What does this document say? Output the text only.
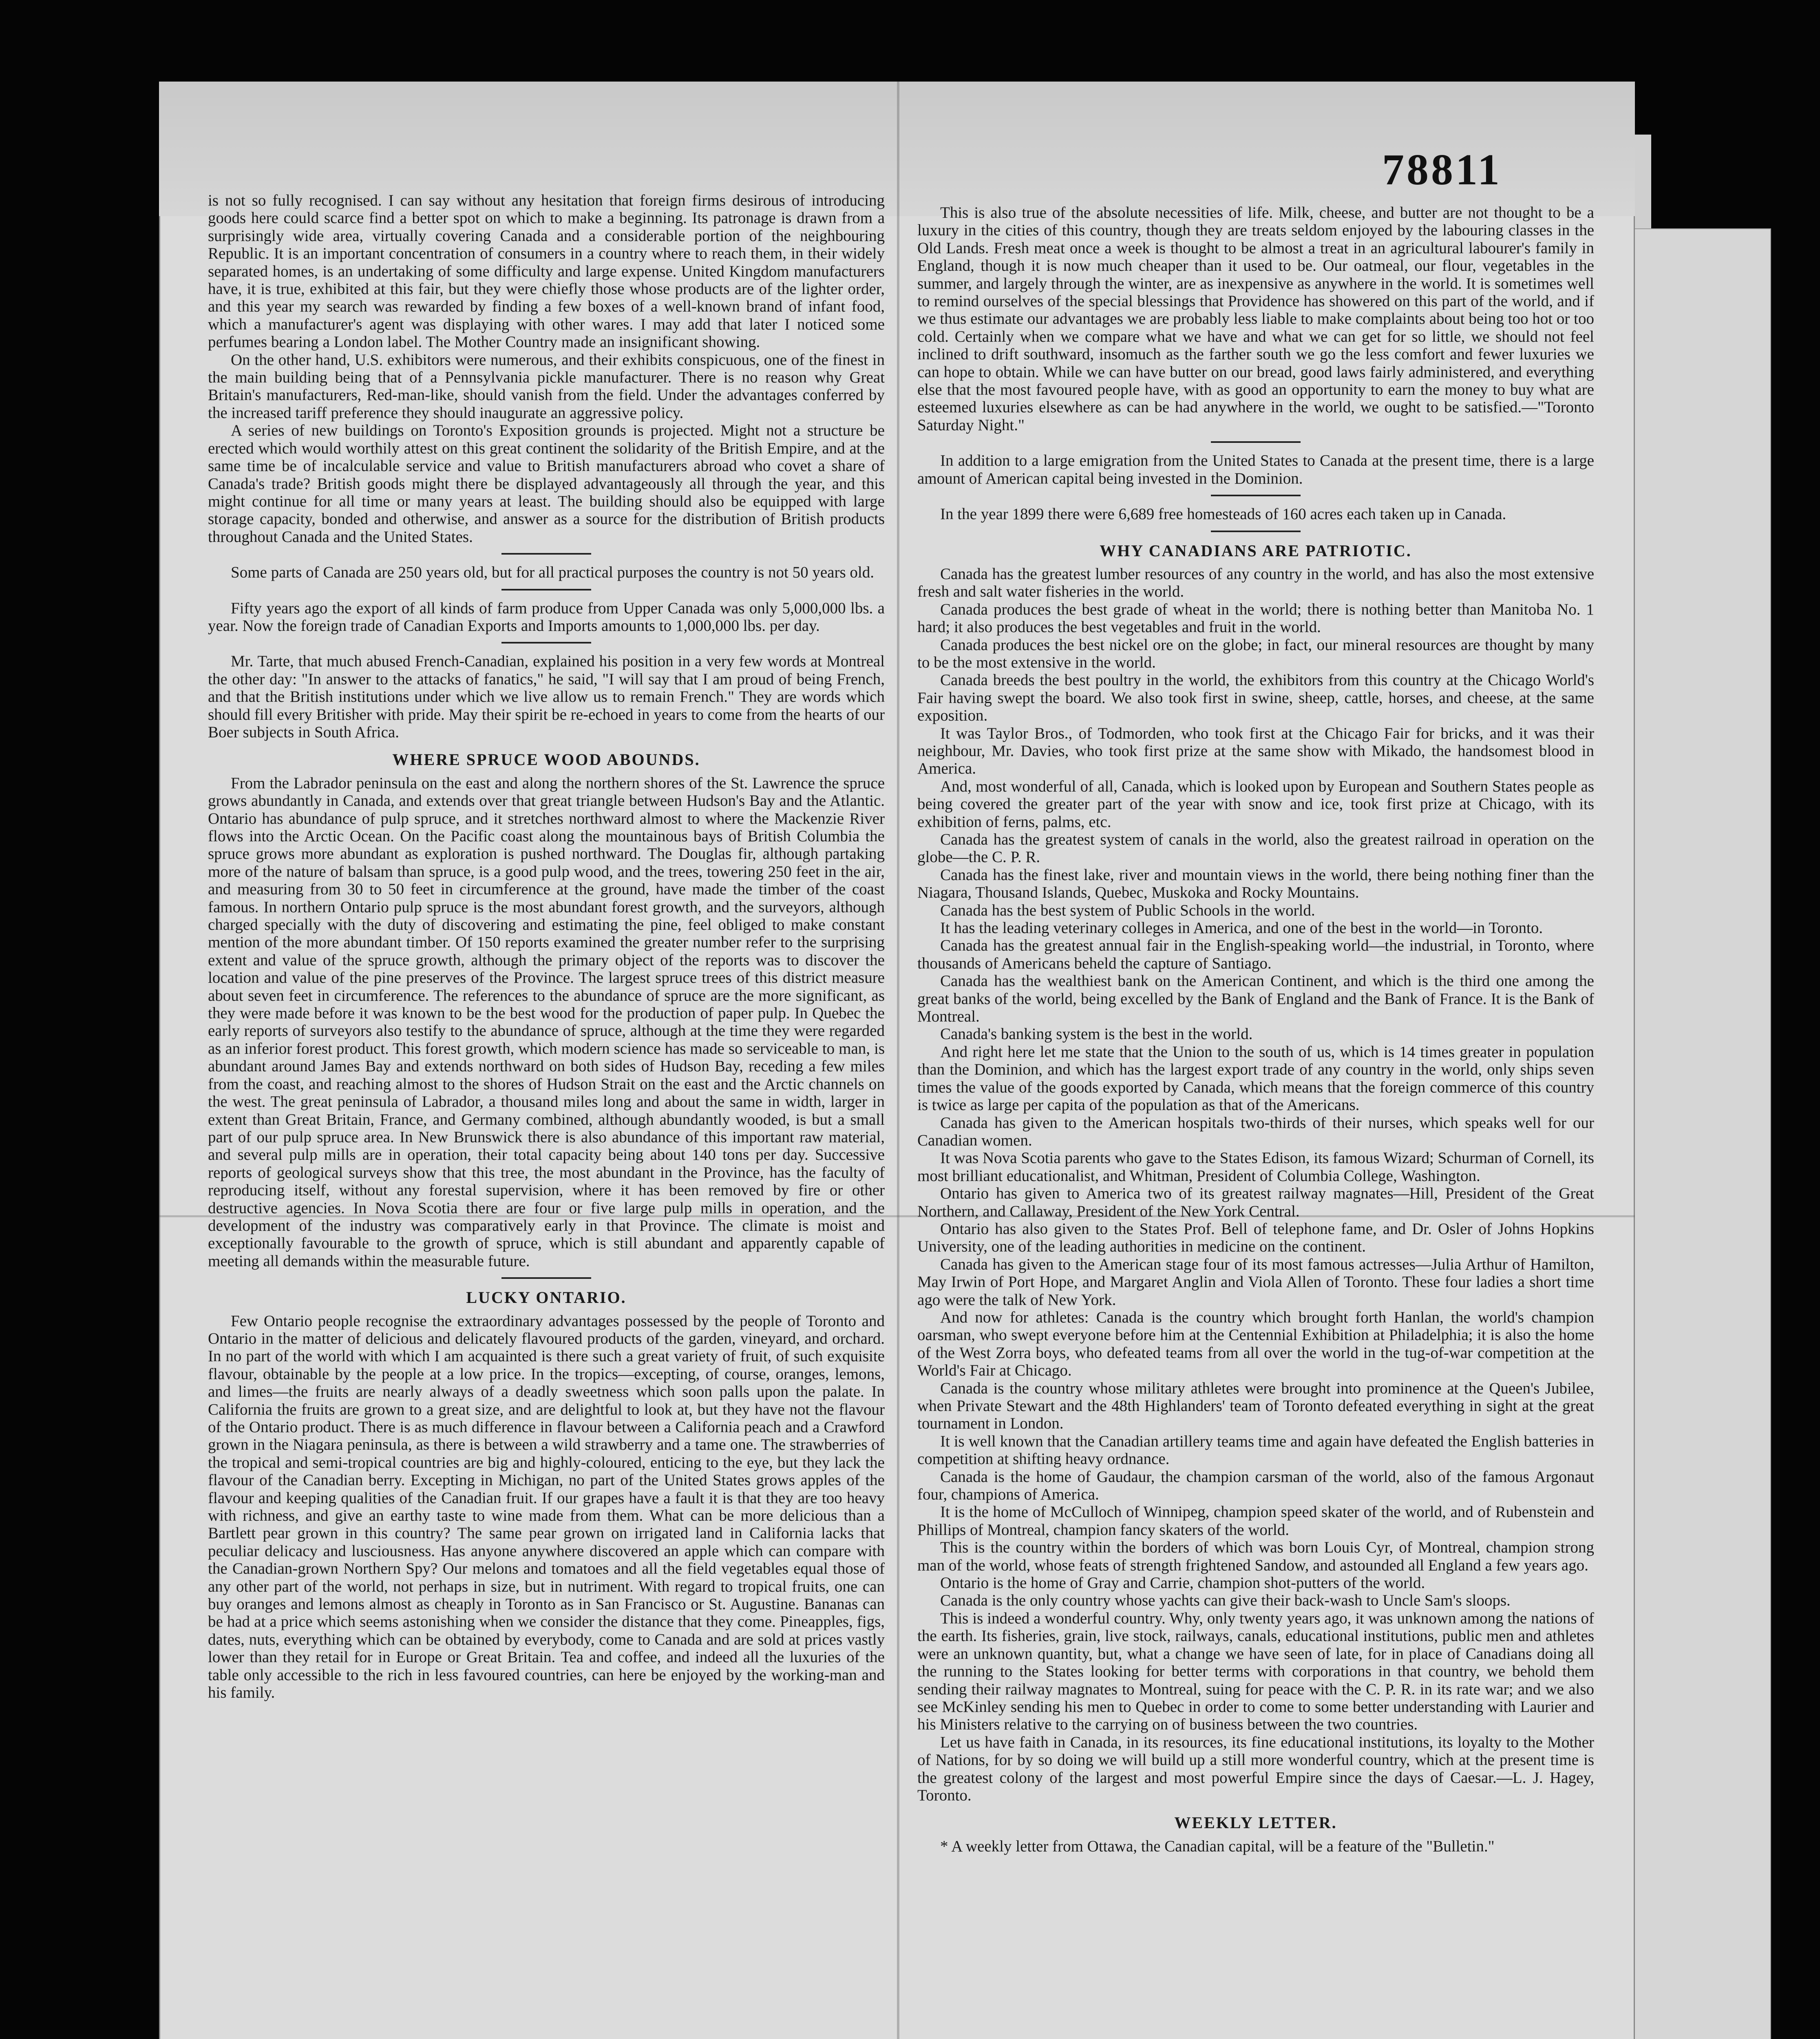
78811

is not so fully recognised. I can say without any hesitation that foreign firms desirous of introducing goods here could scarce find a better spot on which to make a beginning. Its patronage is drawn from a surprisingly wide area, virtually covering Canada and a considerable portion of the neighbouring Republic. It is an important concentration of consumers in a country where to reach them, in their widely separated homes, is an undertaking of some difficulty and large expense. United Kingdom manufacturers have, it is true, exhibited at this fair, but they were chiefly those whose products are of the lighter order, and this year my search was rewarded by finding a few boxes of a well-known brand of infant food, which a manufacturer's agent was displaying with other wares. I may add that later I noticed some perfumes bearing a London label. The Mother Country made an insignificant showing.

On the other hand, U.S. exhibitors were numerous, and their exhibits conspicuous, one of the finest in the main building being that of a Pennsylvania pickle manufacturer. There is no reason why Great Britain's manufacturers, Red-man-like, should vanish from the field. Under the advantages conferred by the increased tariff preference they should inaugurate an aggressive policy.

A series of new buildings on Toronto's Exposition grounds is projected. Might not a structure be erected which would worthily attest on this great continent the solidarity of the British Empire, and at the same time be of incalculable service and value to British manufacturers abroad who covet a share of Canada's trade? British goods might there be displayed advantageously all through the year, and this might continue for all time or many years at least. The building should also be equipped with large storage capacity, bonded and otherwise, and answer as a source for the distribution of British products throughout Canada and the United States.

Some parts of Canada are 250 years old, but for all practical purposes the country is not 50 years old.

Fifty years ago the export of all kinds of farm produce from Upper Canada was only 5,000,000 lbs. a year. Now the foreign trade of Canadian Exports and Imports amounts to 1,000,000 lbs. per day.

Mr. Tarte, that much abused French-Canadian, explained his position in a very few words at Montreal the other day: "In answer to the attacks of fanatics," he said, "I will say that I am proud of being French, and that the British institutions under which we live allow us to remain French." They are words which should fill every Britisher with pride. May their spirit be re-echoed in years to come from the hearts of our Boer subjects in South Africa.

WHERE SPRUCE WOOD ABOUNDS.

From the Labrador peninsula on the east and along the northern shores of the St. Lawrence the spruce grows abundantly in Canada, and extends over that great triangle between Hudson's Bay and the Atlantic. Ontario has abundance of pulp spruce, and it stretches northward almost to where the Mackenzie River flows into the Arctic Ocean. On the Pacific coast along the mountainous bays of British Columbia the spruce grows more abundant as exploration is pushed northward. The Douglas fir, although partaking more of the nature of balsam than spruce, is a good pulp wood, and the trees, towering 250 feet in the air, and measuring from 30 to 50 feet in circumference at the ground, have made the timber of the coast famous. In northern Ontario pulp spruce is the most abundant forest growth, and the surveyors, although charged specially with the duty of discovering and estimating the pine, feel obliged to make constant mention of the more abundant timber. Of 150 reports examined the greater number refer to the surprising extent and value of the spruce growth, although the primary object of the reports was to discover the location and value of the pine preserves of the Province. The largest spruce trees of this district measure about seven feet in circumference. The references to the abundance of spruce are the more significant, as they were made before it was known to be the best wood for the production of paper pulp. In Quebec the early reports of surveyors also testify to the abundance of spruce, although at the time they were regarded as an inferior forest product. This forest growth, which modern science has made so serviceable to man, is abundant around James Bay and extends northward on both sides of Hudson Bay, receding a few miles from the coast, and reaching almost to the shores of Hudson Strait on the east and the Arctic channels on the west. The great peninsula of Labrador, a thousand miles long and about the same in width, larger in extent than Great Britain, France, and Germany combined, although abundantly wooded, is but a small part of our pulp spruce area. In New Brunswick there is also abundance of this important raw material, and several pulp mills are in operation, their total capacity being about 140 tons per day. Successive reports of geological surveys show that this tree, the most abundant in the Province, has the faculty of reproducing itself, without any forestal supervision, where it has been removed by fire or other destructive agencies. In Nova Scotia there are four or five large pulp mills in operation, and the development of the industry was comparatively early in that Province. The climate is moist and exceptionally favourable to the growth of spruce, which is still abundant and apparently capable of meeting all demands within the measurable future.

LUCKY ONTARIO.

Few Ontario people recognise the extraordinary advantages possessed by the people of Toronto and Ontario in the matter of delicious and delicately flavoured products of the garden, vineyard, and orchard. In no part of the world with which I am acquainted is there such a great variety of fruit, of such exquisite flavour, obtainable by the people at a low price. In the tropics—excepting, of course, oranges, lemons, and limes—the fruits are nearly always of a deadly sweetness which soon palls upon the palate. In California the fruits are grown to a great size, and are delightful to look at, but they have not the flavour of the Ontario product. There is as much difference in flavour between a California peach and a Crawford grown in the Niagara peninsula, as there is between a wild strawberry and a tame one. The strawberries of the tropical and semi-tropical countries are big and highly-coloured, enticing to the eye, but they lack the flavour of the Canadian berry. Excepting in Michigan, no part of the United States grows apples of the flavour and keeping qualities of the Canadian fruit. If our grapes have a fault it is that they are too heavy with richness, and give an earthy taste to wine made from them. What can be more delicious than a Bartlett pear grown in this country? The same pear grown on irrigated land in California lacks that peculiar delicacy and lusciousness. Has anyone anywhere discovered an apple which can compare with the Canadian-grown Northern Spy? Our melons and tomatoes and all the field vegetables equal those of any other part of the world, not perhaps in size, but in nutriment. With regard to tropical fruits, one can buy oranges and lemons almost as cheaply in Toronto as in San Francisco or St. Augustine. Bananas can be had at a price which seems astonishing when we consider the distance that they come. Pineapples, figs, dates, nuts, everything which can be obtained by everybody, come to Canada and are sold at prices vastly lower than they retail for in Europe or Great Britain. Tea and coffee, and indeed all the luxuries of the table only accessible to the rich in less favoured countries, can here be enjoyed by the working-man and his family.

This is also true of the absolute necessities of life. Milk, cheese, and butter are not thought to be a luxury in the cities of this country, though they are treats seldom enjoyed by the labouring classes in the Old Lands. Fresh meat once a week is thought to be almost a treat in an agricultural labourer's family in England, though it is now much cheaper than it used to be. Our oatmeal, our flour, vegetables in the summer, and largely through the winter, are as inexpensive as anywhere in the world. It is sometimes well to remind ourselves of the special blessings that Providence has showered on this part of the world, and if we thus estimate our advantages we are probably less liable to make complaints about being too hot or too cold. Certainly when we compare what we have and what we can get for so little, we should not feel inclined to drift southward, insomuch as the farther south we go the less comfort and fewer luxuries we can hope to obtain. While we can have butter on our bread, good laws fairly administered, and everything else that the most favoured people have, with as good an opportunity to earn the money to buy what are esteemed luxuries elsewhere as can be had anywhere in the world, we ought to be satisfied.—"Toronto Saturday Night."

In addition to a large emigration from the United States to Canada at the present time, there is a large amount of American capital being invested in the Dominion.

In the year 1899 there were 6,689 free homesteads of 160 acres each taken up in Canada.

WHY CANADIANS ARE PATRIOTIC.

Canada has the greatest lumber resources of any country in the world, and has also the most extensive fresh and salt water fisheries in the world.

Canada produces the best grade of wheat in the world; there is nothing better than Manitoba No. 1 hard; it also produces the best vegetables and fruit in the world.

Canada produces the best nickel ore on the globe; in fact, our mineral resources are thought by many to be the most extensive in the world.

Canada breeds the best poultry in the world, the exhibitors from this country at the Chicago World's Fair having swept the board. We also took first in swine, sheep, cattle, horses, and cheese, at the same exposition.

It was Taylor Bros., of Todmorden, who took first at the Chicago Fair for bricks, and it was their neighbour, Mr. Davies, who took first prize at the same show with Mikado, the handsomest blood in America.

And, most wonderful of all, Canada, which is looked upon by European and Southern States people as being covered the greater part of the year with snow and ice, took first prize at Chicago, with its exhibition of ferns, palms, etc.

Canada has the greatest system of canals in the world, also the greatest railroad in operation on the globe—the C. P. R.

Canada has the finest lake, river and mountain views in the world, there being nothing finer than the Niagara, Thousand Islands, Quebec, Muskoka and Rocky Mountains.

Canada has the best system of Public Schools in the world.

It has the leading veterinary colleges in America, and one of the best in the world—in Toronto.

Canada has the greatest annual fair in the English-speaking world—the industrial, in Toronto, where thousands of Americans beheld the capture of Santiago.

Canada has the wealthiest bank on the American Continent, and which is the third one among the great banks of the world, being excelled by the Bank of England and the Bank of France. It is the Bank of Montreal.

Canada's banking system is the best in the world.

And right here let me state that the Union to the south of us, which is 14 times greater in population than the Dominion, and which has the largest export trade of any country in the world, only ships seven times the value of the goods exported by Canada, which means that the foreign commerce of this country is twice as large per capita of the population as that of the Americans.

Canada has given to the American hospitals two-thirds of their nurses, which speaks well for our Canadian women.

It was Nova Scotia parents who gave to the States Edison, its famous Wizard; Schurman of Cornell, its most brilliant educationalist, and Whitman, President of Columbia College, Washington.

Ontario has given to America two of its greatest railway magnates—Hill, President of the Great Northern, and Callaway, President of the New York Central.

Ontario has also given to the States Prof. Bell of telephone fame, and Dr. Osler of Johns Hopkins University, one of the leading authorities in medicine on the continent.

Canada has given to the American stage four of its most famous actresses—Julia Arthur of Hamilton, May Irwin of Port Hope, and Margaret Anglin and Viola Allen of Toronto. These four ladies a short time ago were the talk of New York.

And now for athletes: Canada is the country which brought forth Hanlan, the world's champion oarsman, who swept everyone before him at the Centennial Exhibition at Philadelphia; it is also the home of the West Zorra boys, who defeated teams from all over the world in the tug-of-war competition at the World's Fair at Chicago.

Canada is the country whose military athletes were brought into prominence at the Queen's Jubilee, when Private Stewart and the 48th Highlanders' team of Toronto defeated everything in sight at the great tournament in London.

It is well known that the Canadian artillery teams time and again have defeated the English batteries in competition at shifting heavy ordnance.

Canada is the home of Gaudaur, the champion carsman of the world, also of the famous Argonaut four, champions of America.

It is the home of McCulloch of Winnipeg, champion speed skater of the world, and of Rubenstein and Phillips of Montreal, champion fancy skaters of the world.

This is the country within the borders of which was born Louis Cyr, of Montreal, champion strong man of the world, whose feats of strength frightened Sandow, and astounded all England a few years ago.

Ontario is the home of Gray and Carrie, champion shot-putters of the world.

Canada is the only country whose yachts can give their back-wash to Uncle Sam's sloops.

This is indeed a wonderful country. Why, only twenty years ago, it was unknown among the nations of the earth. Its fisheries, grain, live stock, railways, canals, educational institutions, public men and athletes were an unknown quantity, but, what a change we have seen of late, for in place of Canadians doing all the running to the States looking for better terms with corporations in that country, we behold them sending their railway magnates to Montreal, suing for peace with the C. P. R. in its rate war; and we also see McKinley sending his men to Quebec in order to come to some better understanding with Laurier and his Ministers relative to the carrying on of business between the two countries.

Let us have faith in Canada, in its resources, its fine educational institutions, its loyalty to the Mother of Nations, for by so doing we will build up a still more wonderful country, which at the present time is the greatest colony of the largest and most powerful Empire since the days of Caesar.—L. J. Hagey, Toronto.

WEEKLY LETTER.

* A weekly letter from Ottawa, the Canadian capital, will be a feature of the "Bulletin."
